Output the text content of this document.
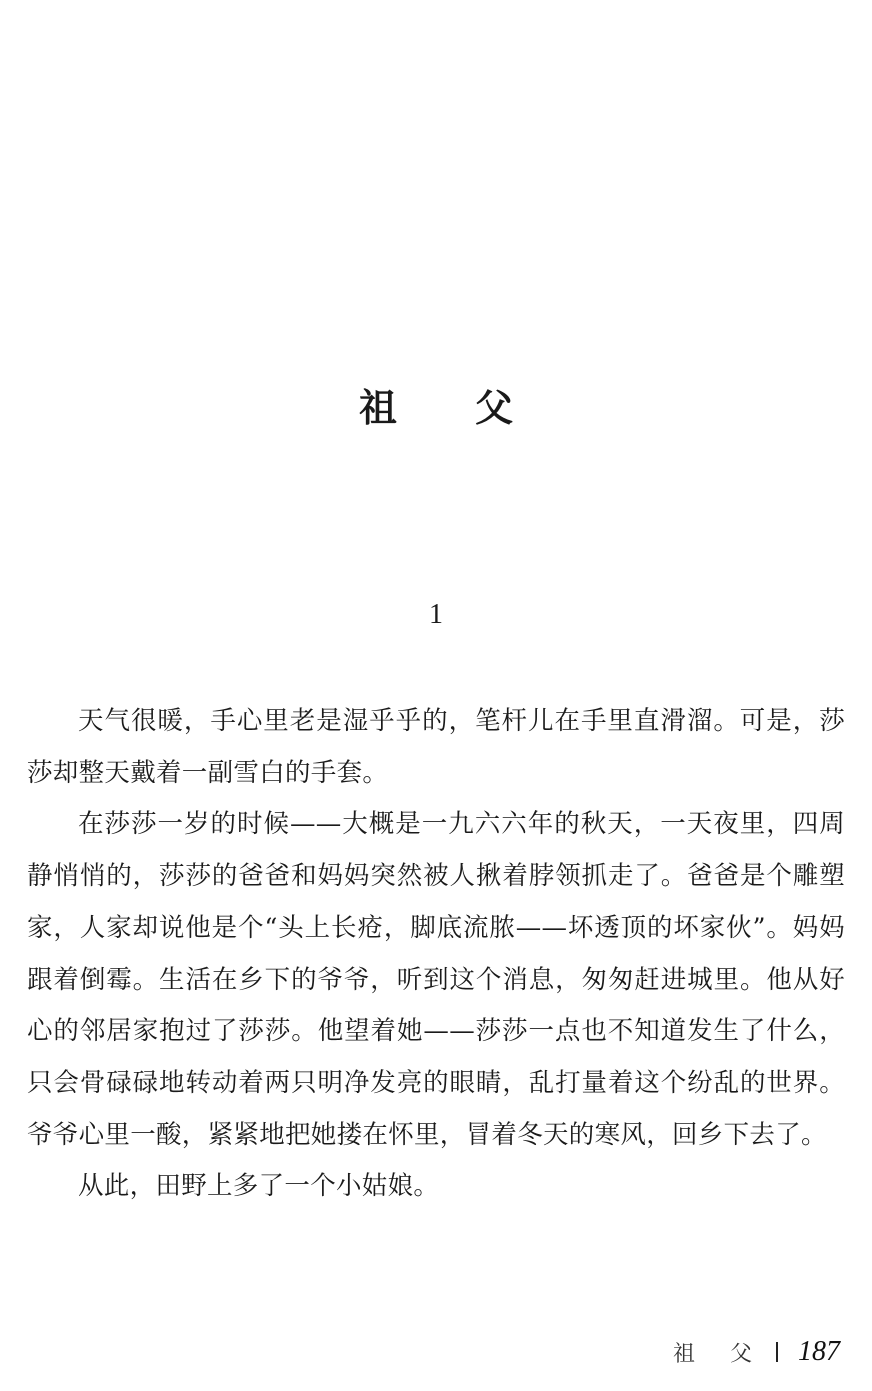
祖 父
1

天气很暖，手心里老是湿乎乎的，笔杆儿在手里直滑溜。可是，莎莎却整天戴着一副雪白的手套。

在莎莎一岁的时候——大概是一九六六年的秋天，一天夜里，四周静悄悄的，莎莎的爸爸和妈妈突然被人揪着脖领抓走了。爸爸是个雕塑家，人家却说他是个“头上长疮，脚底流脓——坏透顶的坏家伙”。妈妈跟着倒霉。生活在乡下的爷爷，听到这个消息，匆匆赶进城里。他从好心的邻居家抱过了莎莎。他望着她——莎莎一点也不知道发生了什么，只会骨碌碌地转动着两只明净发亮的眼睛，乱打量着这个纷乱的世界。爷爷心里一酸，紧紧地把她搂在怀里，冒着冬天的寒风，回乡下去了。

从此，田野上多了一个小姑娘。

祖 父 187
